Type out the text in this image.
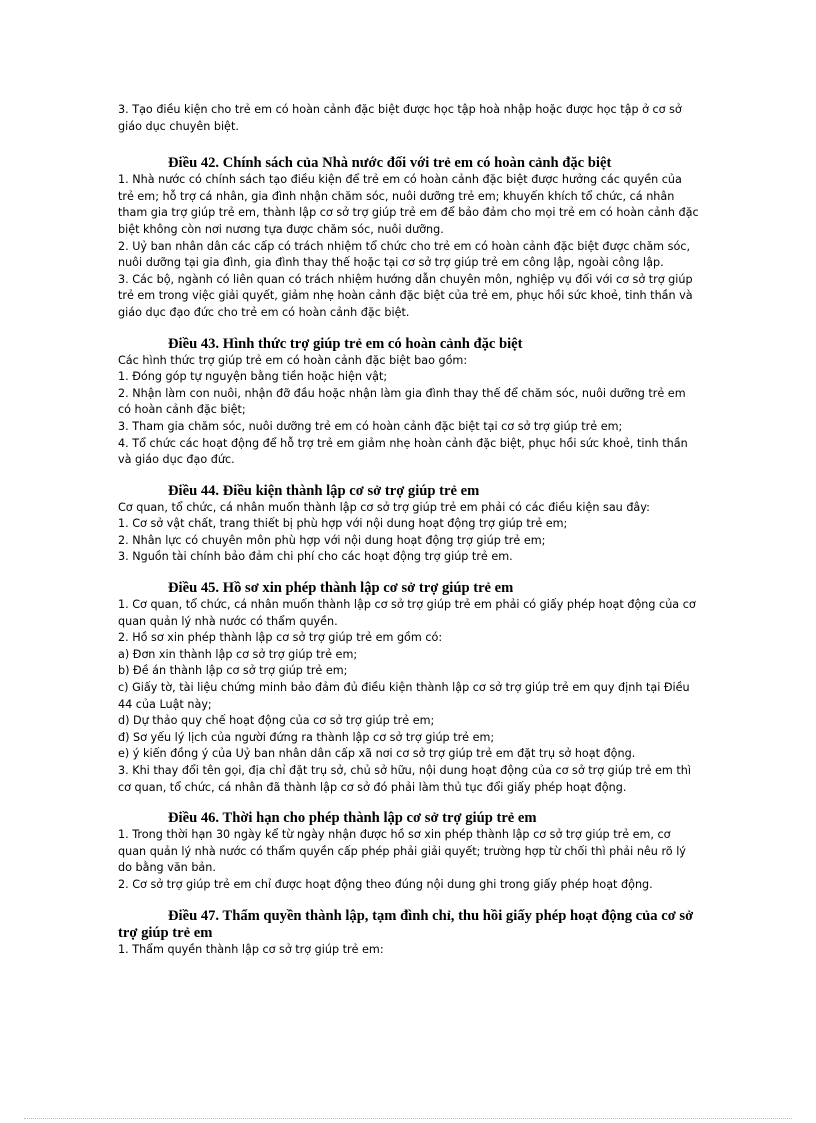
3. Tạo điều kiện cho trẻ em có hoàn cảnh đặc biệt được học tập hoà nhập hoặc được học tập ở cơ sở giáo dục chuyên biệt.

Điều 42. Chính sách của Nhà nước đối với trẻ em có hoàn cảnh đặc biệt

1. Nhà nước có chính sách tạo điều kiện để trẻ em có hoàn cảnh đặc biệt được hưởng các quyền của trẻ em; hỗ trợ cá nhân, gia đình nhận chăm sóc, nuôi dưỡng trẻ em; khuyến khích tổ chức, cá nhân tham gia trợ giúp trẻ em, thành lập cơ sở trợ giúp trẻ em để bảo đảm cho mọi trẻ em có hoàn cảnh đặc biệt không còn nơi nương tựa được chăm sóc, nuôi dưỡng.

2. Uỷ ban nhân dân các cấp có trách nhiệm tổ chức cho trẻ em có hoàn cảnh đặc biệt được chăm sóc, nuôi dưỡng tại gia đình, gia đình thay thế hoặc tại cơ sở trợ giúp trẻ em công lập, ngoài công lập.

3. Các bộ, ngành có liên quan có trách nhiệm hướng dẫn chuyên môn, nghiệp vụ đối với cơ sở trợ giúp trẻ em trong việc giải quyết, giảm nhẹ hoàn cảnh đặc biệt của trẻ em, phục hồi sức khoẻ, tinh thần và giáo dục đạo đức cho trẻ em có hoàn cảnh đặc biệt.

Điều 43. Hình thức trợ giúp trẻ em có hoàn cảnh đặc biệt

Các hình thức trợ giúp trẻ em có hoàn cảnh đặc biệt bao gồm:

1. Đóng góp tự nguyện bằng tiền hoặc hiện vật;

2. Nhận làm con nuôi, nhận đỡ đầu hoặc nhận làm gia đình thay thế để chăm sóc, nuôi dưỡng trẻ em có hoàn cảnh đặc biệt;

3. Tham gia chăm sóc, nuôi dưỡng trẻ em có hoàn cảnh đặc biệt tại cơ sở trợ giúp trẻ em;

4. Tổ chức các hoạt động để hỗ trợ trẻ em giảm nhẹ hoàn cảnh đặc biệt, phục hồi sức khoẻ, tinh thần và giáo dục đạo đức.

Điều 44. Điều kiện thành lập cơ sở trợ giúp trẻ em

Cơ quan, tổ chức, cá nhân muốn thành lập cơ sở trợ giúp trẻ em phải có các điều kiện sau đây:

1. Cơ sở vật chất, trang thiết bị phù hợp với nội dung hoạt động trợ giúp trẻ em;

2. Nhân lực có chuyên môn phù hợp với nội dung hoạt động trợ giúp trẻ em;

3. Nguồn tài chính bảo đảm chi phí cho các hoạt động trợ giúp trẻ em.

Điều 45. Hồ sơ xin phép thành lập cơ sở trợ giúp trẻ em

1. Cơ quan, tổ chức, cá nhân muốn thành lập cơ sở trợ giúp trẻ em phải có giấy phép hoạt động của cơ quan quản lý nhà nước có thẩm quyền.

2. Hồ sơ xin phép thành lập cơ sở trợ giúp trẻ em gồm có:

a) Đơn xin thành lập cơ sở trợ giúp trẻ em;

b) Đề án thành lập cơ sở trợ giúp trẻ em;

c) Giấy tờ, tài liệu chứng minh bảo đảm đủ điều kiện thành lập cơ sở trợ giúp trẻ em quy định tại Điều 44 của Luật này;

d) Dự thảo quy chế hoạt động của cơ sở trợ giúp trẻ em;

đ) Sơ yếu lý lịch của người đứng ra thành lập cơ sở trợ giúp trẻ em;

e) ý kiến đồng ý của Uỷ ban nhân dân cấp xã nơi cơ sở trợ giúp trẻ em đặt trụ sở hoạt động.

3. Khi thay đổi tên gọi, địa chỉ đặt trụ sở, chủ sở hữu, nội dung hoạt động của cơ sở trợ giúp trẻ em thì cơ quan, tổ chức, cá nhân đã thành lập cơ sở đó phải làm thủ tục đổi giấy phép hoạt động.

Điều 46. Thời hạn cho phép thành lập cơ sở trợ giúp trẻ em

1. Trong thời hạn 30 ngày kể từ ngày nhận được hồ sơ xin phép thành lập cơ sở trợ giúp trẻ em, cơ quan quản lý nhà nước có thẩm quyền cấp phép phải giải quyết; trường hợp từ chối thì phải nêu rõ lý do bằng văn bản.

2. Cơ sở trợ giúp trẻ em chỉ được hoạt động theo đúng nội dung ghi trong giấy phép hoạt động.

Điều 47. Thẩm quyền thành lập, tạm đình chỉ, thu hồi giấy phép hoạt động của cơ sở trợ giúp trẻ em

1. Thẩm quyền thành lập cơ sở trợ giúp trẻ em:
